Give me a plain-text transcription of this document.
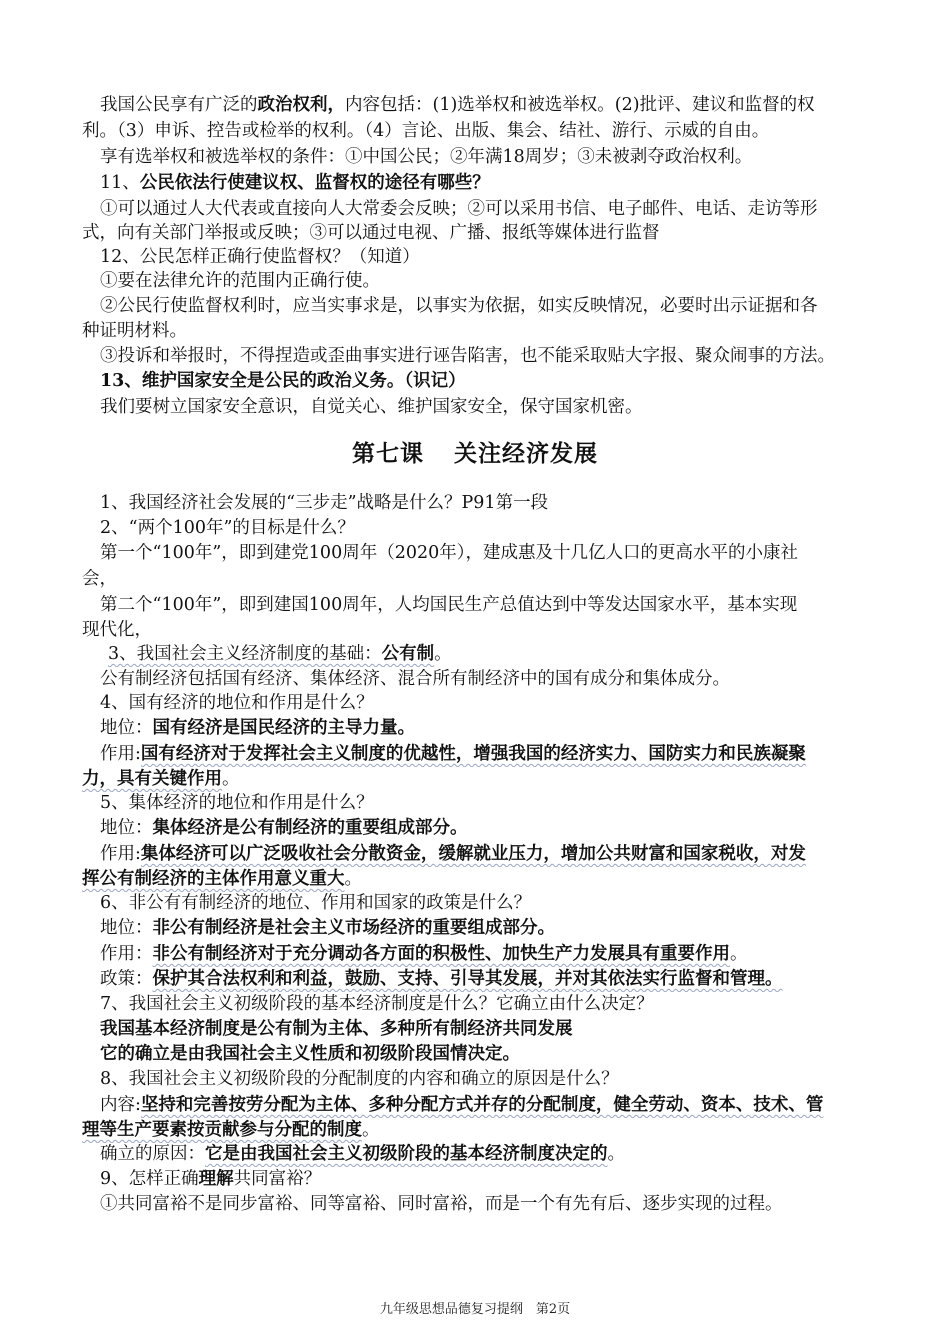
我国公民享有广泛的政治权利，内容包括：(1)选举权和被选举权。(2)批评、建议和监督的权
利。（3）申诉、控告或检举的权利。（4）言论、出版、集会、结社、游行、示威的自由。
享有选举权和被选举权的条件：①中国公民；②年满18周岁；③未被剥夺政治权利。
11、公民依法行使建议权、监督权的途径有哪些？
①可以通过人大代表或直接向人大常委会反映；②可以采用书信、电子邮件、电话、走访等形
式，向有关部门举报或反映；③可以通过电视、广播、报纸等媒体进行监督
12、公民怎样正确行使监督权？（知道）
①要在法律允许的范围内正确行使。
②公民行使监督权利时，应当实事求是，以事实为依据，如实反映情况，必要时出示证据和各
种证明材料。
③投诉和举报时，不得捏造或歪曲事实进行诬告陷害，也不能采取贴大字报、聚众闹事的方法。
13、维护国家安全是公民的政治义务。（识记）
我们要树立国家安全意识，自觉关心、维护国家安全，保守国家机密。
第七课 关注经济发展
1、我国经济社会发展的“三步走”战略是什么？P91第一段
2、“两个100年”的目标是什么？
第一个“100年”，即到建党100周年（2020年），建成惠及十几亿人口的更高水平的小康社
会，
第二个“100年”，即到建国100周年，人均国民生产总值达到中等发达国家水平，基本实现
现代化，
3、我国社会主义经济制度的基础：公有制。
公有制经济包括国有经济、集体经济、混合所有制经济中的国有成分和集体成分。
4、国有经济的地位和作用是什么？
地位：国有经济是国民经济的主导力量。
作用:国有经济对于发挥社会主义制度的优越性，增强我国的经济实力、国防实力和民族凝聚
力，具有关键作用。
5、集体经济的地位和作用是什么？
地位：集体经济是公有制经济的重要组成部分。
作用:集体经济可以广泛吸收社会分散资金，缓解就业压力，增加公共财富和国家税收，对发
挥公有制经济的主体作用意义重大。
6、非公有有制经济的地位、作用和国家的政策是什么？
地位：非公有制经济是社会主义市场经济的重要组成部分。
作用：非公有制经济对于充分调动各方面的积极性、加快生产力发展具有重要作用。
政策：保护其合法权利和利益，鼓励、支持、引导其发展，并对其依法实行监督和管理。
7、我国社会主义初级阶段的基本经济制度是什么？它确立由什么决定？
我国基本经济制度是公有制为主体、多种所有制经济共同发展
它的确立是由我国社会主义性质和初级阶段国情决定。
8、我国社会主义初级阶段的分配制度的内容和确立的原因是什么？
内容:坚持和完善按劳分配为主体、多种分配方式并存的分配制度，健全劳动、资本、技术、管
理等生产要素按贡献参与分配的制度。
确立的原因：它是由我国社会主义初级阶段的基本经济制度决定的。
9、怎样正确理解共同富裕？
①共同富裕不是同步富裕、同等富裕、同时富裕，而是一个有先有后、逐步实现的过程。
九年级思想品德复习提纲　第2页
